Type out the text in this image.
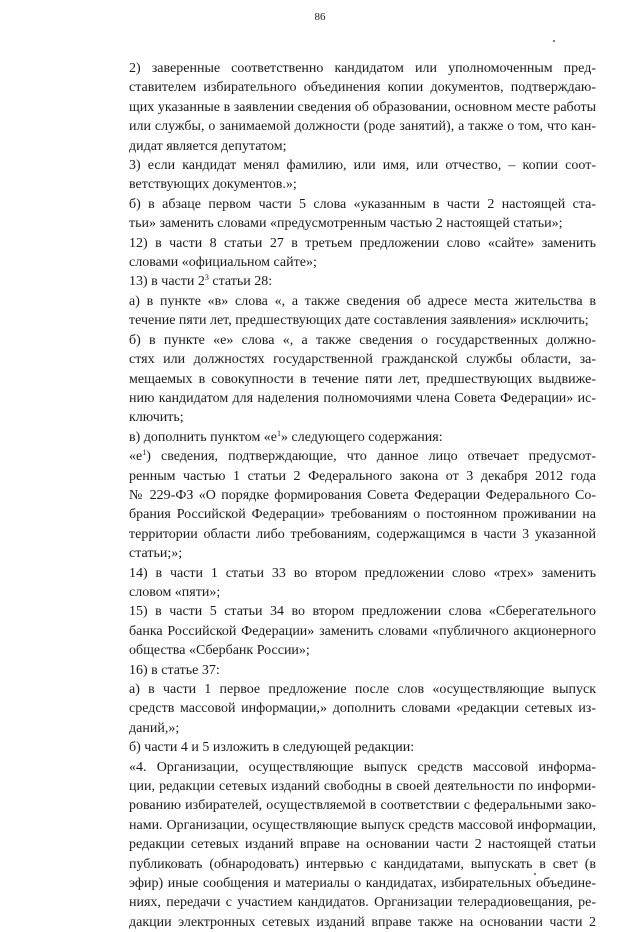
86

2) заверенные соответственно кандидатом или уполномоченным пред-
ставителем избирательного объединения копии документов, подтверждаю-
щих указанные в заявлении сведения об образовании, основном месте работы
или службы, о занимаемой должности (роде занятий), а также о том, что кан-
дидат является депутатом;

3) если кандидат менял фамилию, или имя, или отчество, – копии соот-
ветствующих документов.»;

б) в абзаце первом части 5 слова «указанным в части 2 настоящей ста-
тьи» заменить словами «предусмотренным частью 2 настоящей статьи»;

12) в части 8 статьи 27 в третьем предложении слово «сайте» заменить
словами «официальном сайте»;

13) в части $2^3$ статьи 28:

а) в пункте «в» слова «, а также сведения об адресе места жительства в
течение пяти лет, предшествующих дате составления заявления» исключить;

б) в пункте «е» слова «, а также сведения о государственных должно-
стях или должностях государственной гражданской службы области, за-
мещаемых в совокупности в течение пяти лет, предшествующих выдвиже-
нию кандидатом для наделения полномочиями члена Совета Федерации» ис-
ключить;

в) дополнить пунктом «$е^1$» следующего содержания:

«$е^1$) сведения, подтверждающие, что данное лицо отвечает предусмот-
ренным частью 1 статьи 2 Федерального закона от 3 декабря 2012 года
№ 229-ФЗ «О порядке формирования Совета Федерации Федерального Со-
брания Российской Федерации» требованиям о постоянном проживании на
территории области либо требованиям, содержащимся в части 3 указанной
статьи;»;

14) в части 1 статьи 33 во втором предложении слово «трех» заменить
словом «пяти»;

15) в части 5 статьи 34 во втором предложении слова «Сберегательного
банка Российской Федерации» заменить словами «публичного акционерного
общества «Сбербанк России»;

16) в статье 37:

а) в части 1 первое предложение после слов «осуществляющие выпуск
средств массовой информации,» дополнить словами «редакции сетевых из-
даний,»;

б) части 4 и 5 изложить в следующей редакции:

«4. Организации, осуществляющие выпуск средств массовой информа-
ции, редакции сетевых изданий свободны в своей деятельности по информи-
рованию избирателей, осуществляемой в соответствии с федеральными зако-
нами. Организации, осуществляющие выпуск средств массовой информации,
редакции сетевых изданий вправе на основании части 2 настоящей статьи
публиковать (обнародовать) интервью с кандидатами, выпускать в свет (в
эфир) иные сообщения и материалы о кандидатах, избирательных объедине-
ниях, передачи с участием кандидатов. Организации телерадиовещания, ре-
дакции электронных сетевых изданий вправе также на основании части 2
